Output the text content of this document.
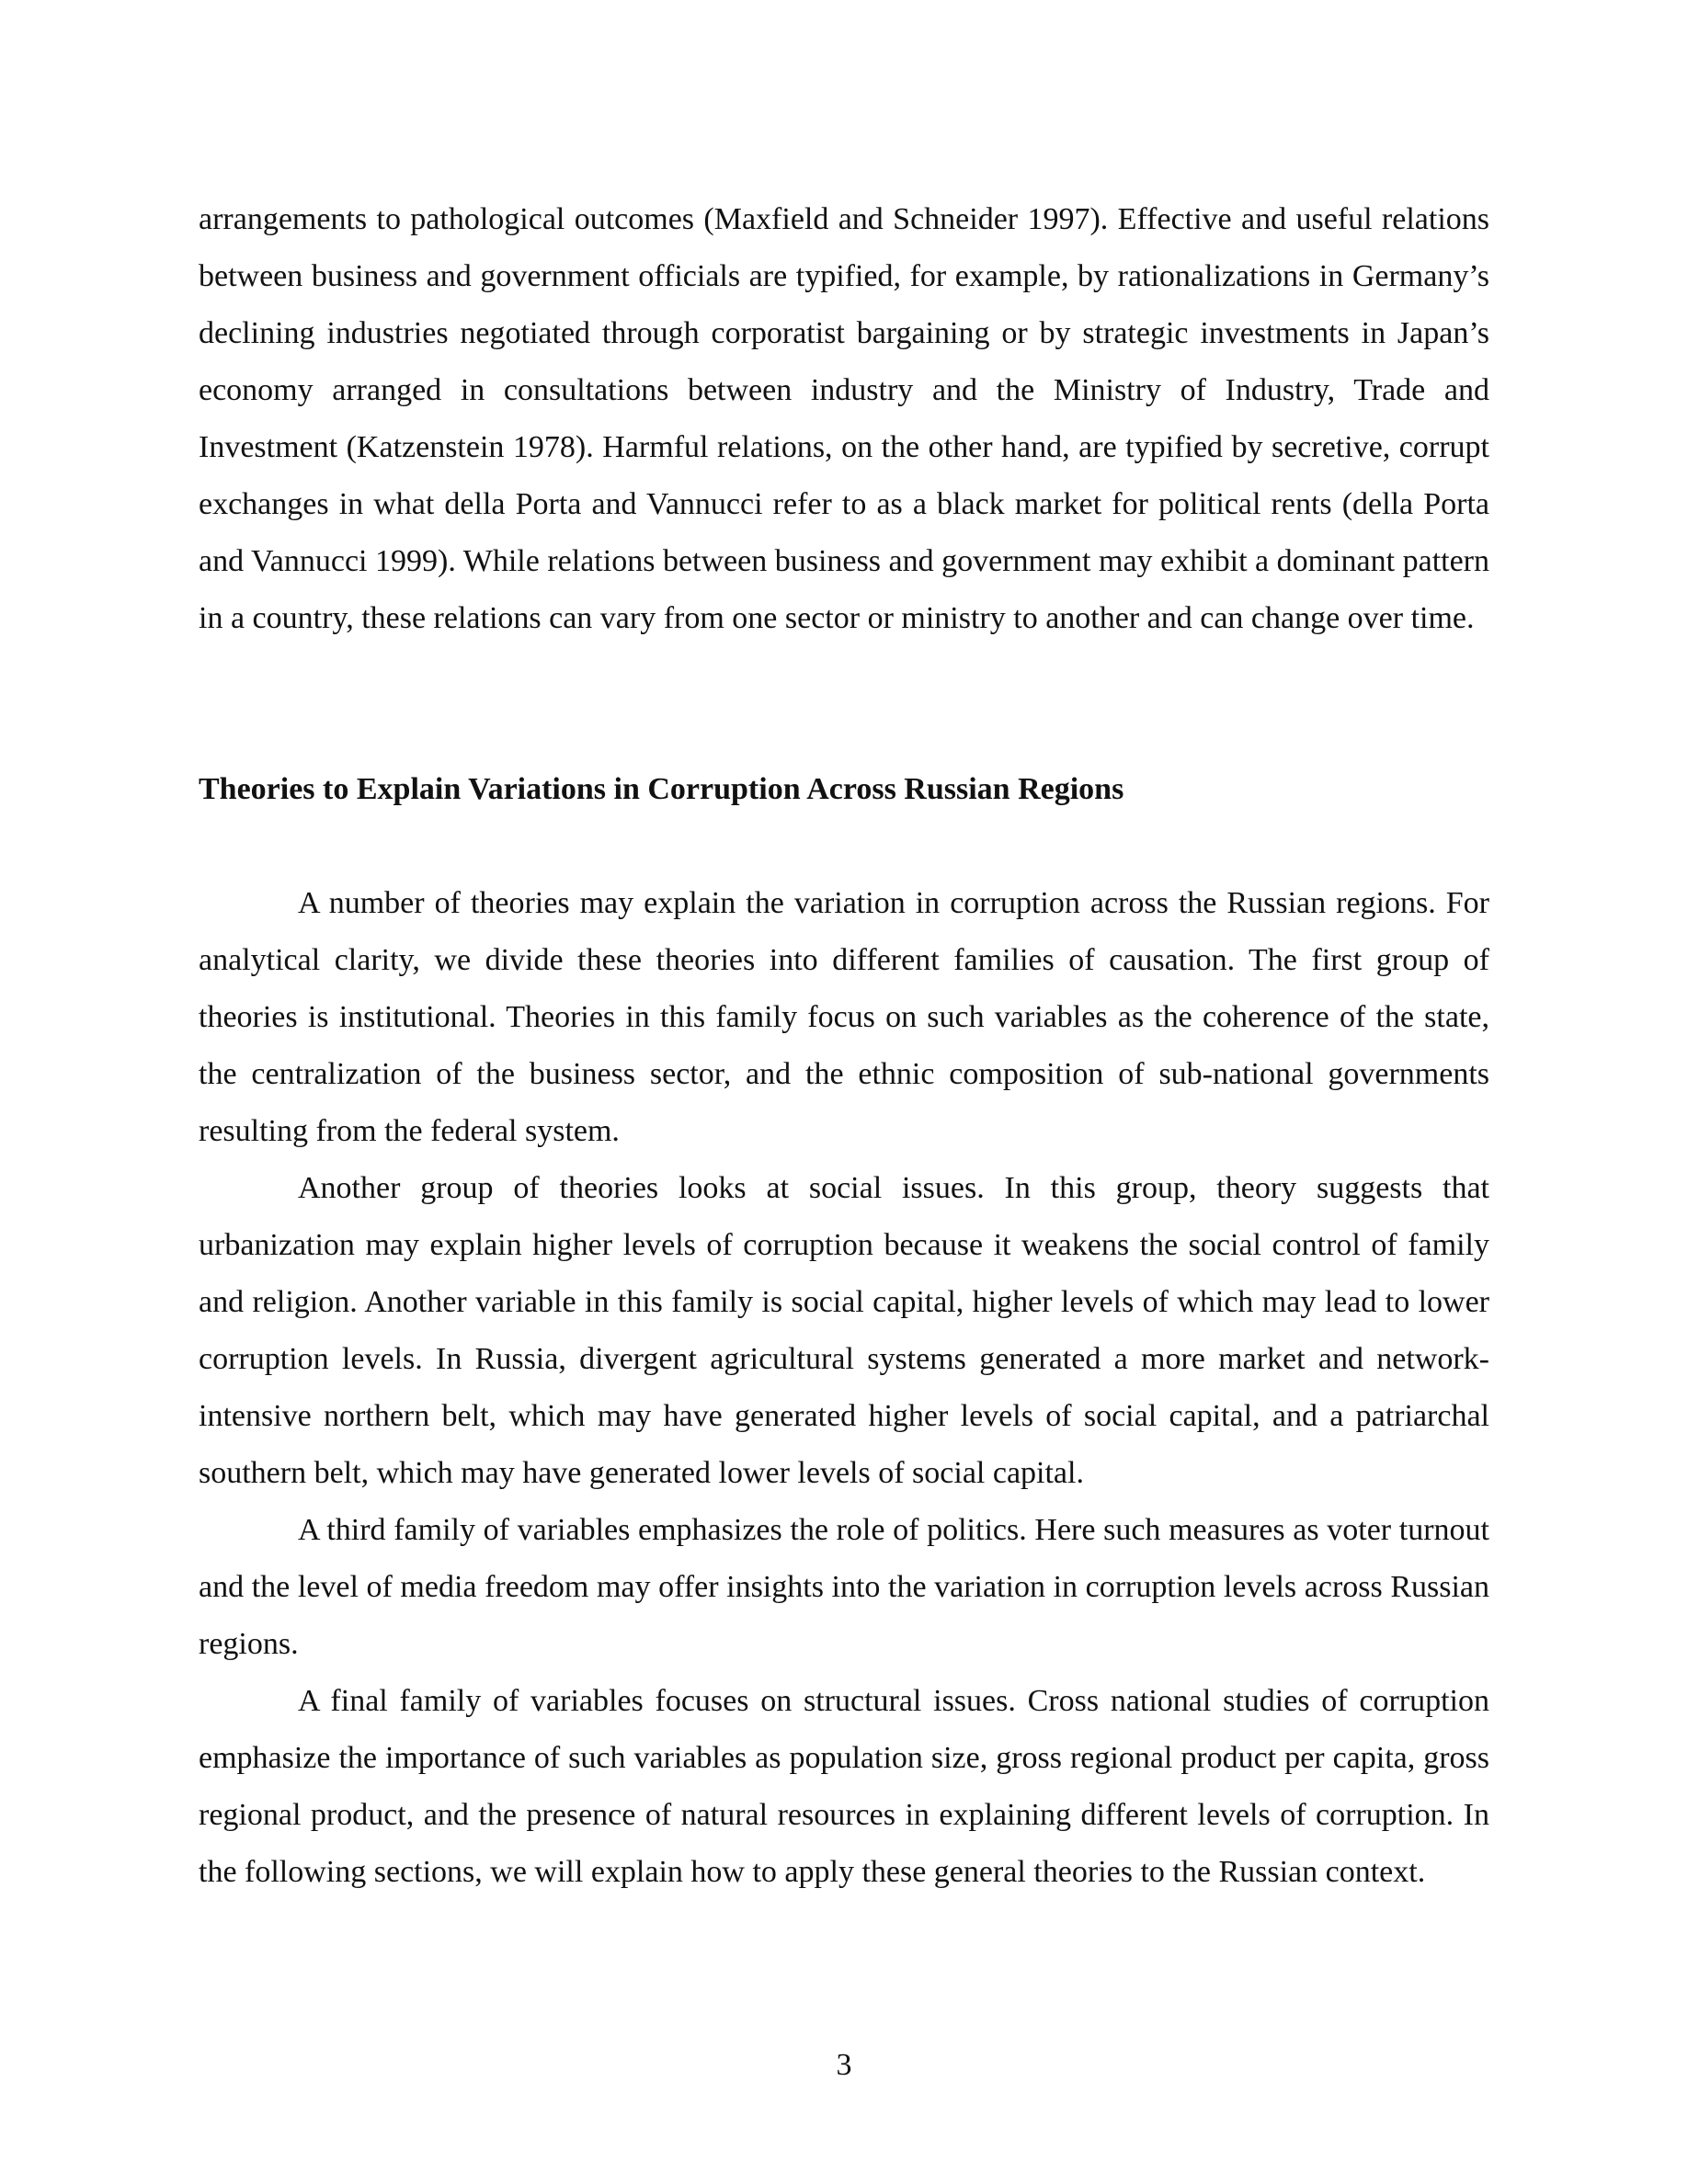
arrangements to pathological outcomes (Maxfield and Schneider 1997). Effective and useful relations between business and government officials are typified, for example, by rationalizations in Germany’s declining industries negotiated through corporatist bargaining or by strategic investments in Japan’s economy arranged in consultations between industry and the Ministry of Industry, Trade and Investment (Katzenstein 1978). Harmful relations, on the other hand, are typified by secretive, corrupt exchanges in what della Porta and Vannucci refer to as a black market for political rents (della Porta and Vannucci 1999). While relations between business and government may exhibit a dominant pattern in a country, these relations can vary from one sector or ministry to another and can change over time.

Theories to Explain Variations in Corruption Across Russian Regions

A number of theories may explain the variation in corruption across the Russian regions. For analytical clarity, we divide these theories into different families of causation. The first group of theories is institutional. Theories in this family focus on such variables as the coherence of the state, the centralization of the business sector, and the ethnic composition of sub-national governments resulting from the federal system.

Another group of theories looks at social issues. In this group, theory suggests that urbanization may explain higher levels of corruption because it weakens the social control of family and religion. Another variable in this family is social capital, higher levels of which may lead to lower corruption levels. In Russia, divergent agricultural systems generated a more market and network-intensive northern belt, which may have generated higher levels of social capital, and a patriarchal southern belt, which may have generated lower levels of social capital.

A third family of variables emphasizes the role of politics. Here such measures as voter turnout and the level of media freedom may offer insights into the variation in corruption levels across Russian regions.

A final family of variables focuses on structural issues. Cross national studies of corruption emphasize the importance of such variables as population size, gross regional product per capita, gross regional product, and the presence of natural resources in explaining different levels of corruption. In the following sections, we will explain how to apply these general theories to the Russian context.

3
